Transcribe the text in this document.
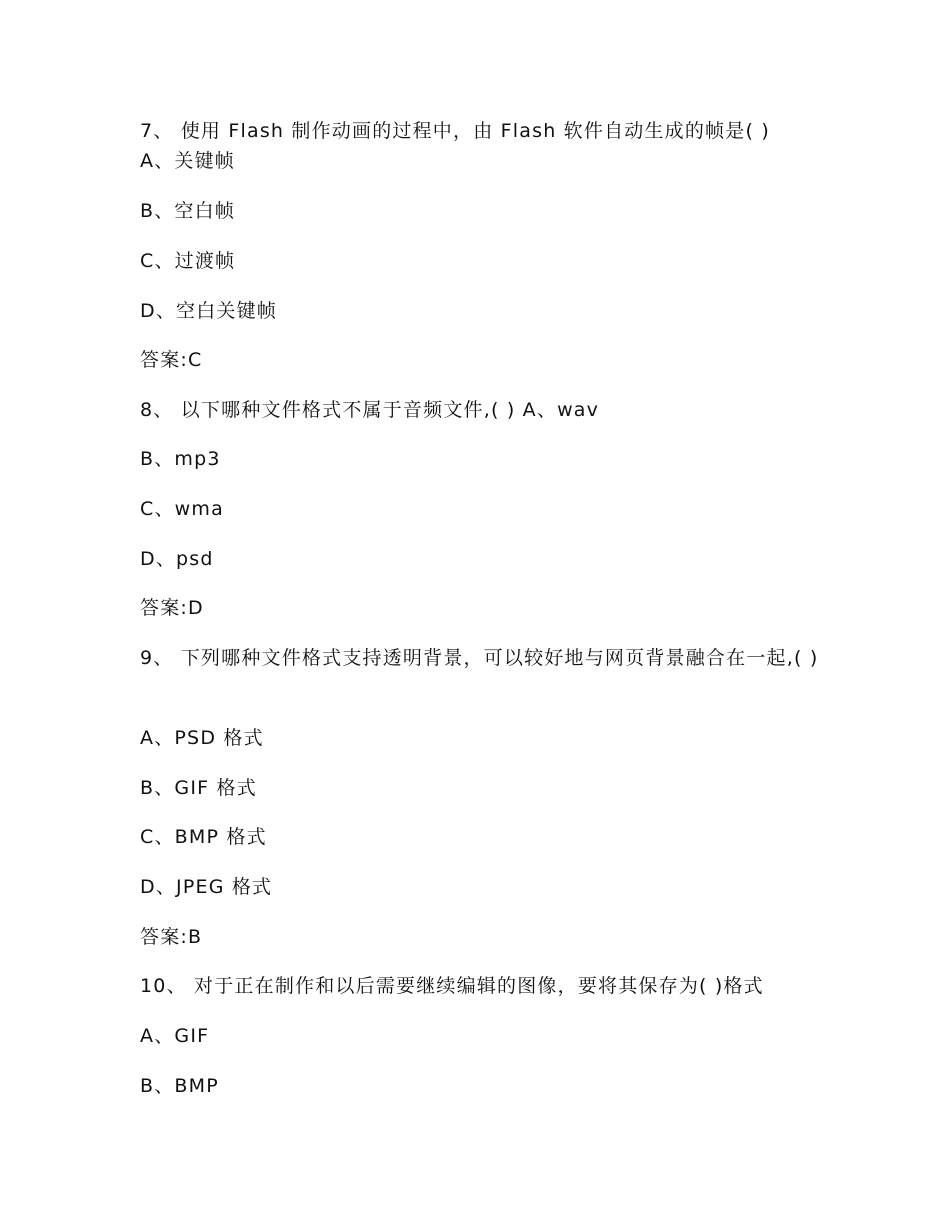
7、 使用 Flash 制作动画的过程中，由 Flash 软件自动生成的帧是( )
A、关键帧
B、空白帧
C、过渡帧
D、空白关键帧
答案:C
8、 以下哪种文件格式不属于音频文件,( ) A、wav
B、mp3
C、wma
D、psd
答案:D
9、 下列哪种文件格式支持透明背景，可以较好地与网页背景融合在一起,( )
A、PSD 格式
B、GIF 格式
C、BMP 格式
D、JPEG 格式
答案:B
10、 对于正在制作和以后需要继续编辑的图像，要将其保存为( )格式
A、GIF
B、BMP
